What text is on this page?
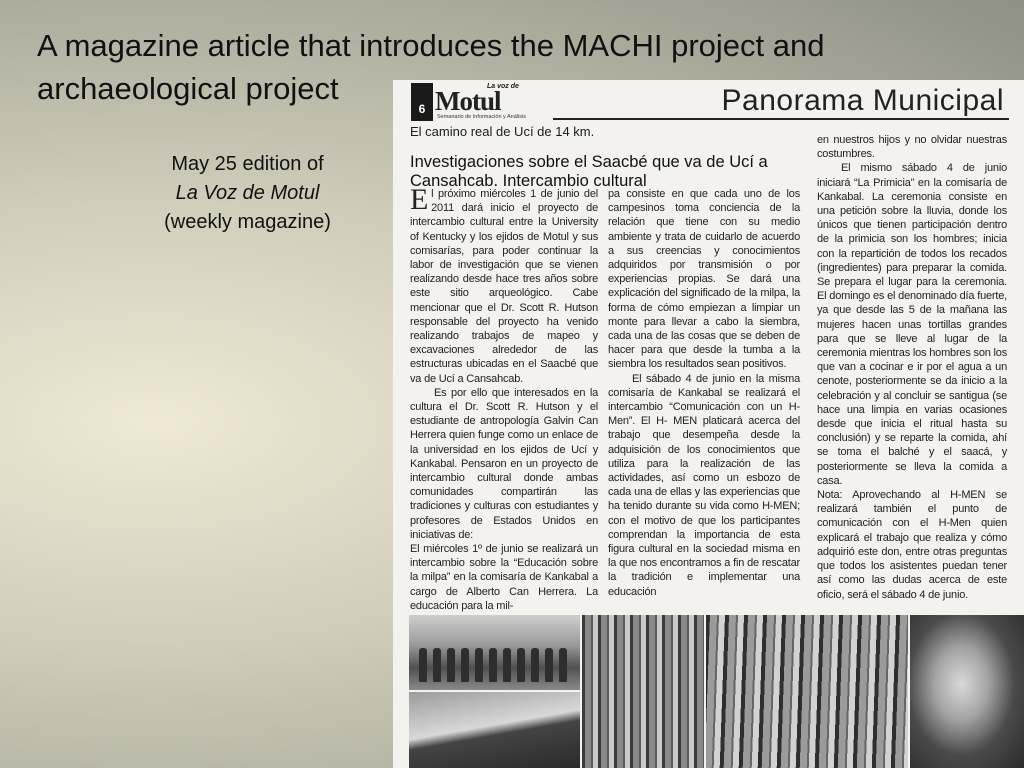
A magazine article that introduces the MACHI project and archaeological project
May 25 edition of
La Voz de Motul
(weekly magazine)
6 Motul
La voz de
Semanario de Información y Análisis	Panorama Municipal
El camino real de Ucí de 14 km.
Investigaciones sobre el Saacbé que va de Ucí a Cansahcab. Intercambio cultural

E l próximo miércoles 1 de junio del 2011 dará inicio el proyecto de intercambio cultural entre la University of Kentucky y los ejidos de Motul y sus comisarías, para poder continuar la labor de investigación que se vienen realizando desde hace tres años sobre este sitio arqueológico. Cabe mencionar que el Dr. Scott R. Hutson responsable del proyecto ha venido realizando trabajos de mapeo y excavaciones alrededor de las estructuras ubicadas en el Saacbé que va de Ucí a Cansahcab.

Es por ello que interesados en la cultura el Dr. Scott R. Hutson y el estudiante de antropología Galvin Can Herrera quien funge como un enlace de la universidad en los ejidos de Ucí y Kankabal. Pensaron en un proyecto de intercambio cultural donde ambas comunidades compartirán las tradiciones y culturas con estudiantes y profesores de Estados Unidos en iniciativas de:

El miércoles 1º de junio se realizará un intercambio sobre la “Educación sobre la milpa” en la comisaría de Kankabal a cargo de Alberto Can Herrera. La educación para la mil-

pa consiste en que cada uno de los campesinos toma conciencia de la relación que tiene con su medio ambiente y trata de cuidarlo de acuerdo a sus creencias y conocimientos adquiridos por transmisión o por experiencias propias. Se dará una explicación del significado de la milpa, la forma de cómo empiezan a limpiar un monte para llevar a cabo la siembra, cada una de las cosas que se deben de hacer para que desde la tumba a la siembra los resultados sean positivos.

El sábado 4 de junio en la misma comisaría de Kankabal se realizará el intercambio “Comunicación con un H-Men”. El H- MEN platicará acerca del trabajo que desempeña desde la adquisición de los conocimientos que utiliza para la realización de las actividades, así como un esbozo de cada una de ellas y las experiencias que ha tenido durante su vida como H-MEN; con el motivo de que los participantes comprendan la importancia de esta figura cultural en la sociedad misma en la que nos encontramos a fin de rescatar la tradición e implementar una educación

en nuestros hijos y no olvidar nuestras costumbres.

El mismo sábado 4 de junio iniciará “La Primicia” en la comisaría de Kankabal. La ceremonia consiste en una petición sobre la lluvia, donde los únicos que tienen participación dentro de la primicia son los hombres; inicia con la repartición de todos los recados (ingredientes) para preparar la comida. Se prepara el lugar para la ceremonia. El domingo es el denominado día fuerte, ya que desde las 5 de la mañana las mujeres hacen unas tortillas grandes para que se lleve al lugar de la ceremonia mientras los hombres son los que van a cocinar e ir por el agua a un cenote, posteriormente se da inicio a la celebración y al concluir se santigua (se hace una limpia en varias ocasiones desde que inicia el ritual hasta su conclusión) y se reparte la comida, ahí se toma el balché y el saacá, y posteriormente se lleva la comida a casa.

Nota: Aprovechando al H-MEN se realizará también el punto de comunicación con el H-Men quien explicará el trabajo que realiza y cómo adquirió este don, entre otras preguntas que todos los asistentes puedan tener así como las dudas acerca de este oficio, será el sábado 4 de junio.
